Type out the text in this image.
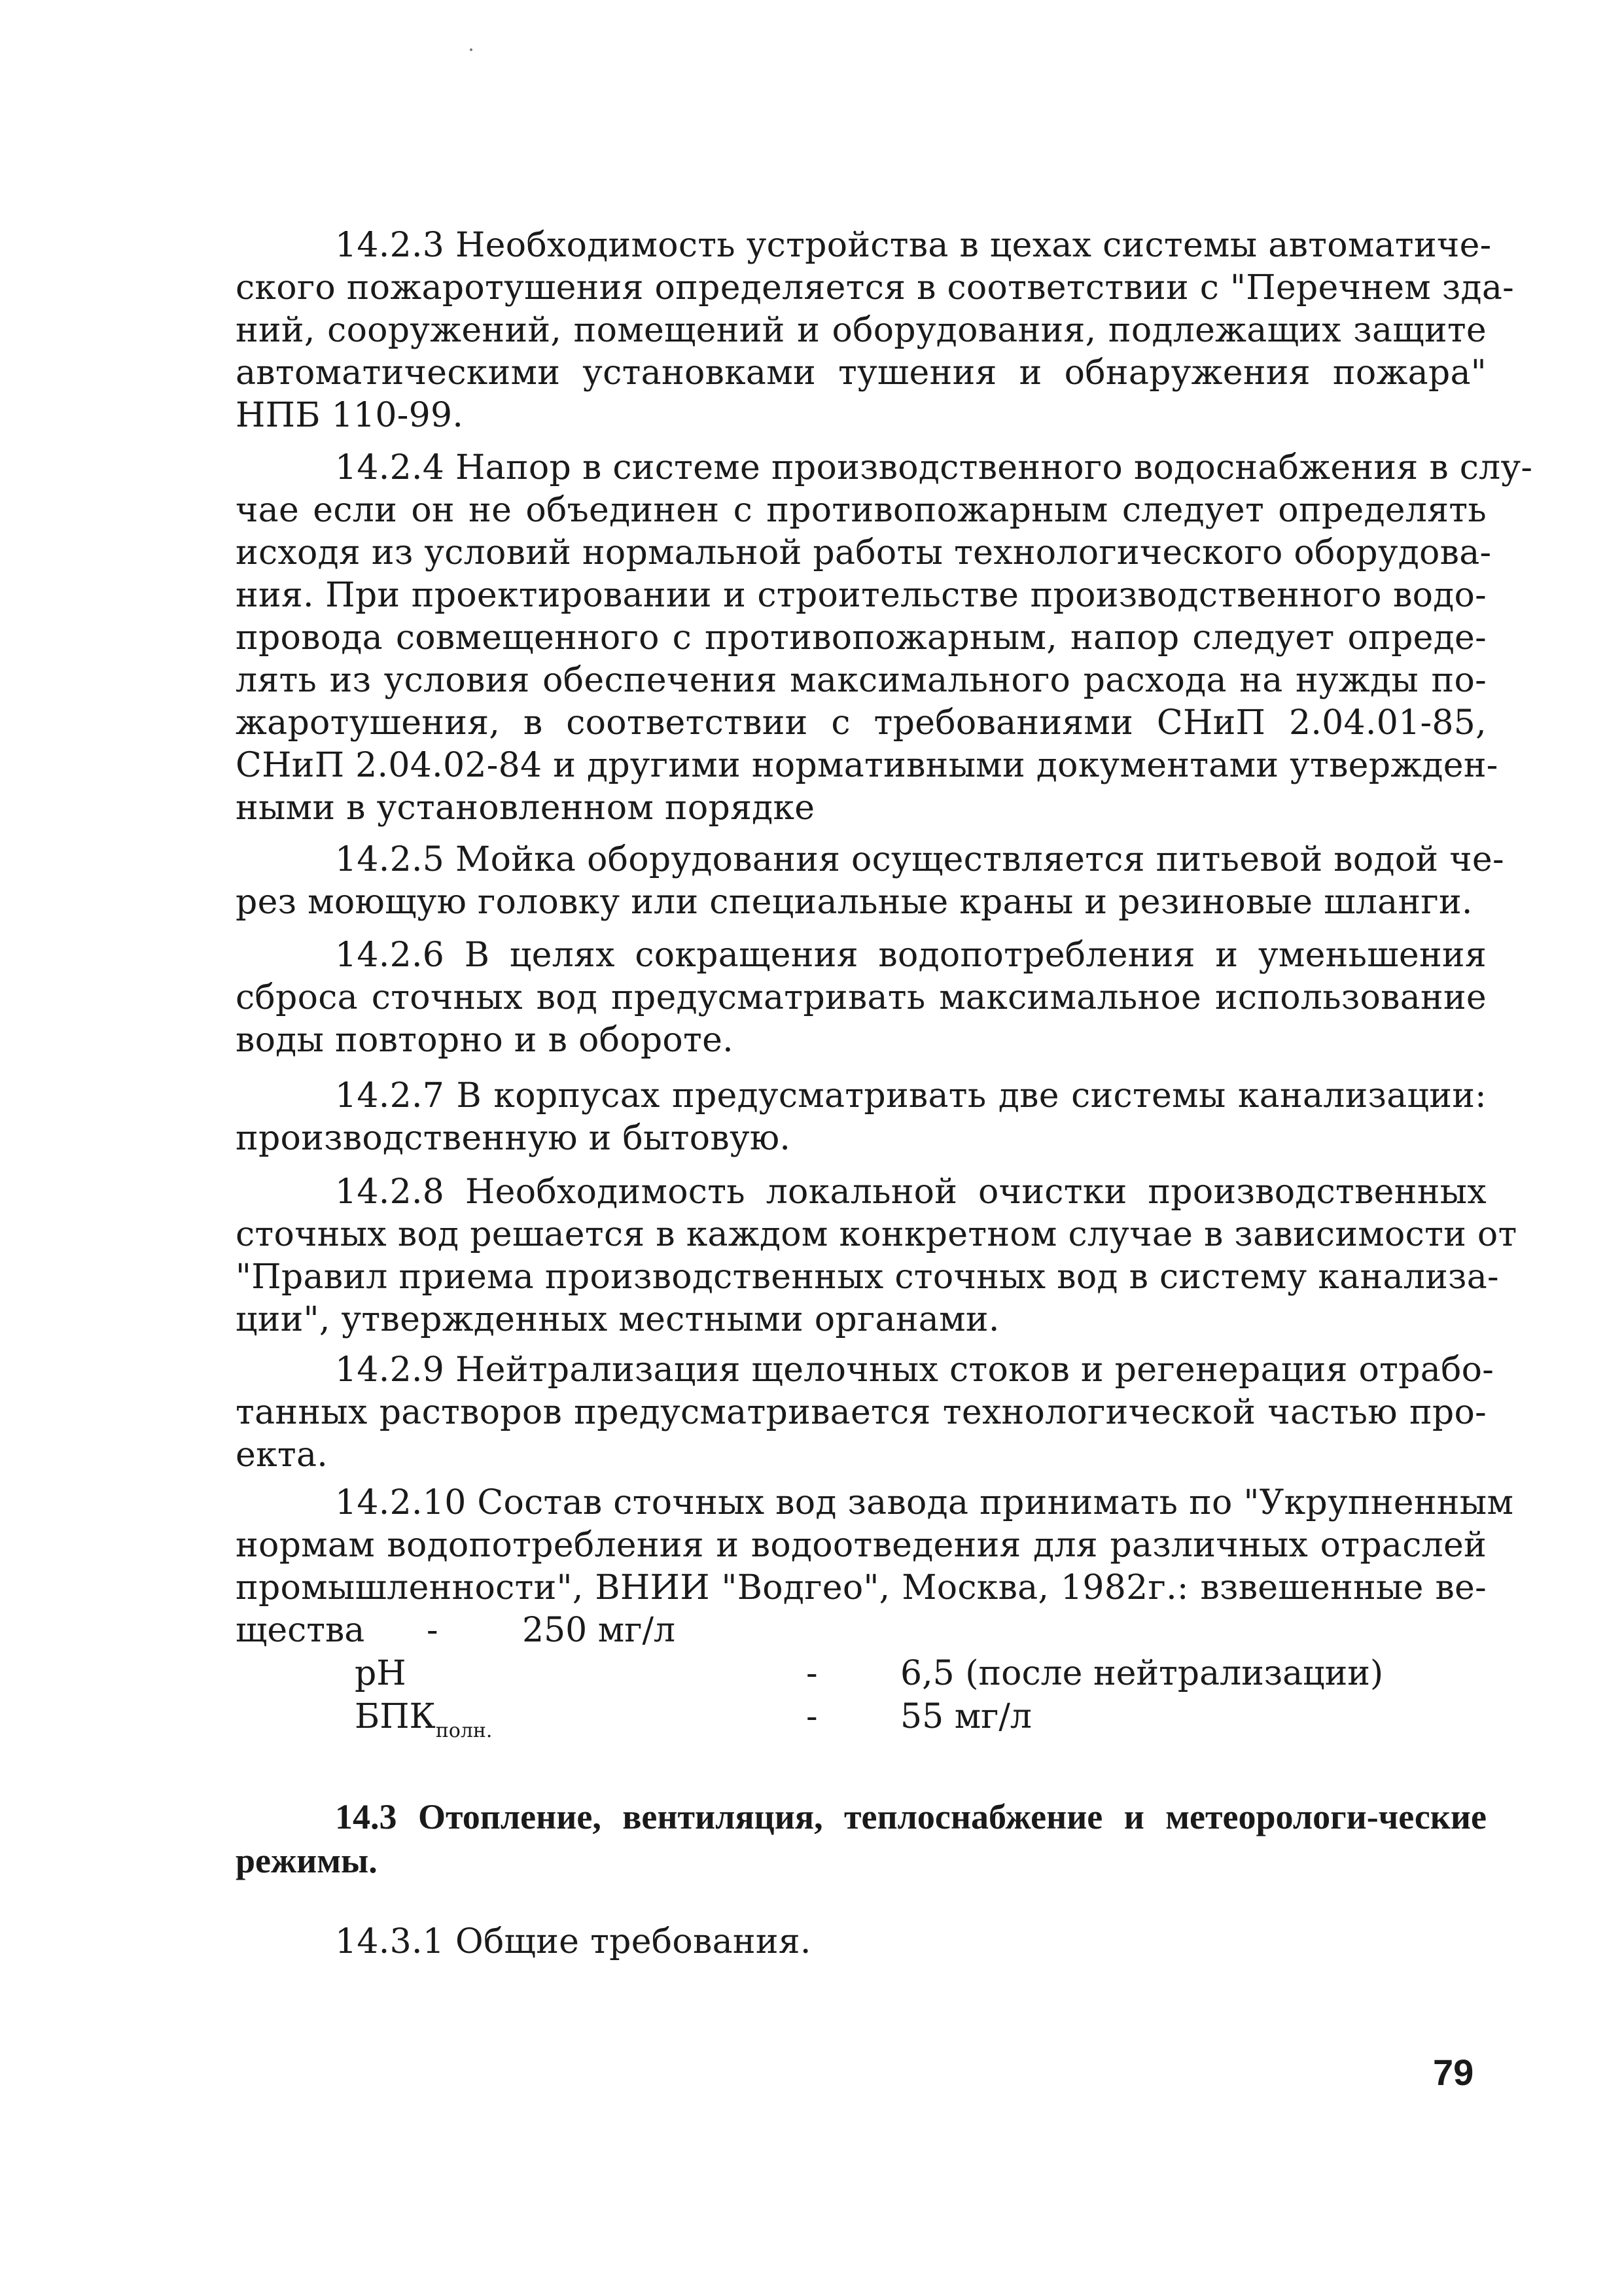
14.2.3 Необходимость устройства в цехах системы автоматиче-
ского пожаротушения определяется в соответствии с "Перечнем зда-
ний, сооружений, помещений и оборудования, подлежащих защите
автоматическими установками тушения и обнаружения пожара"
НПБ 110-99.
14.2.4 Напор в системе производственного водоснабжения в слу-
чае если он не объединен с противопожарным следует определять
исходя из условий нормальной работы технологического оборудова-
ния. При проектировании и строительстве производственного водо-
провода совмещенного с противопожарным, напор следует опреде-
лять из условия обеспечения максимального расхода на нужды по-
жаротушения, в соответствии с требованиями СНиП 2.04.01-85,
СНиП 2.04.02-84 и другими нормативными документами утвержден-
ными в установленном порядке
14.2.5 Мойка оборудования осуществляется питьевой водой че-
рез моющую головку или специальные краны и резиновые шланги.
14.2.6 В целях сокращения водопотребления и уменьшения
сброса сточных вод предусматривать максимальное использование
воды повторно и в обороте.
14.2.7 В корпусах предусматривать две системы канализации:
производственную и бытовую.
14.2.8 Необходимость локальной очистки производственных
сточных вод решается в каждом конкретном случае в зависимости от
"Правил приема производственных сточных вод в систему канализа-
ции", утвержденных местными органами.
14.2.9 Нейтрализация щелочных стоков и регенерация отрабо-
танных растворов предусматривается технологической частью про-
екта.
14.2.10 Состав сточных вод завода принимать по "Укрупненным
нормам водопотребления и водоотведения для различных отраслей
промышленности", ВНИИ "Водгео", Москва, 1982г.: взвешенные ве-
щества - 250 мг/л
pH	- 6,5 (после нейтрализации)
$БПК_{полн.}$	- 55 мг/л
14.3 Отопление, вентиляция, теплоснабжение и метеорологи-ческие
режимы.
14.3.1 Общие требования.
79
